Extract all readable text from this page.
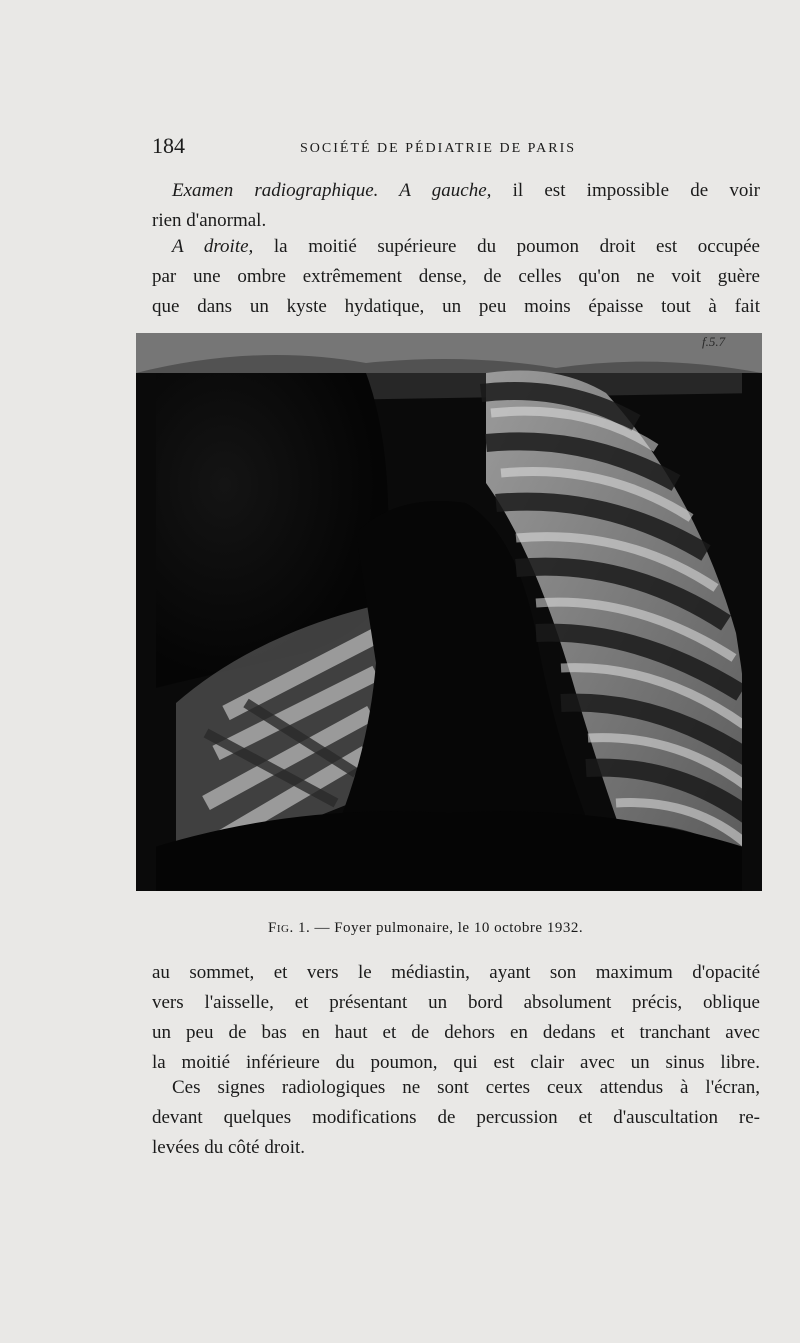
184	SOCIÉTÉ DE PÉDIATRIE DE PARIS
Examen radiographique. A gauche, il est impossible de voir
rien d'anormal.
A droite, la moitié supérieure du poumon droit est occupée
par une ombre extrêmement dense, de celles qu'on ne voit guère
que dans un kyste hydatique, un peu moins épaisse tout à fait
f.5.7
Fig. 1. — Foyer pulmonaire, le 10 octobre 1932.
au sommet, et vers le médiastin, ayant son maximum d'opacité
vers l'aisselle, et présentant un bord absolument précis, oblique
un peu de bas en haut et de dehors en dedans et tranchant avec
la moitié inférieure du poumon, qui est clair avec un sinus libre.
Ces signes radiologiques ne sont certes ceux attendus à l'écran,
devant quelques modifications de percussion et d'auscultation re-
levées du côté droit.
